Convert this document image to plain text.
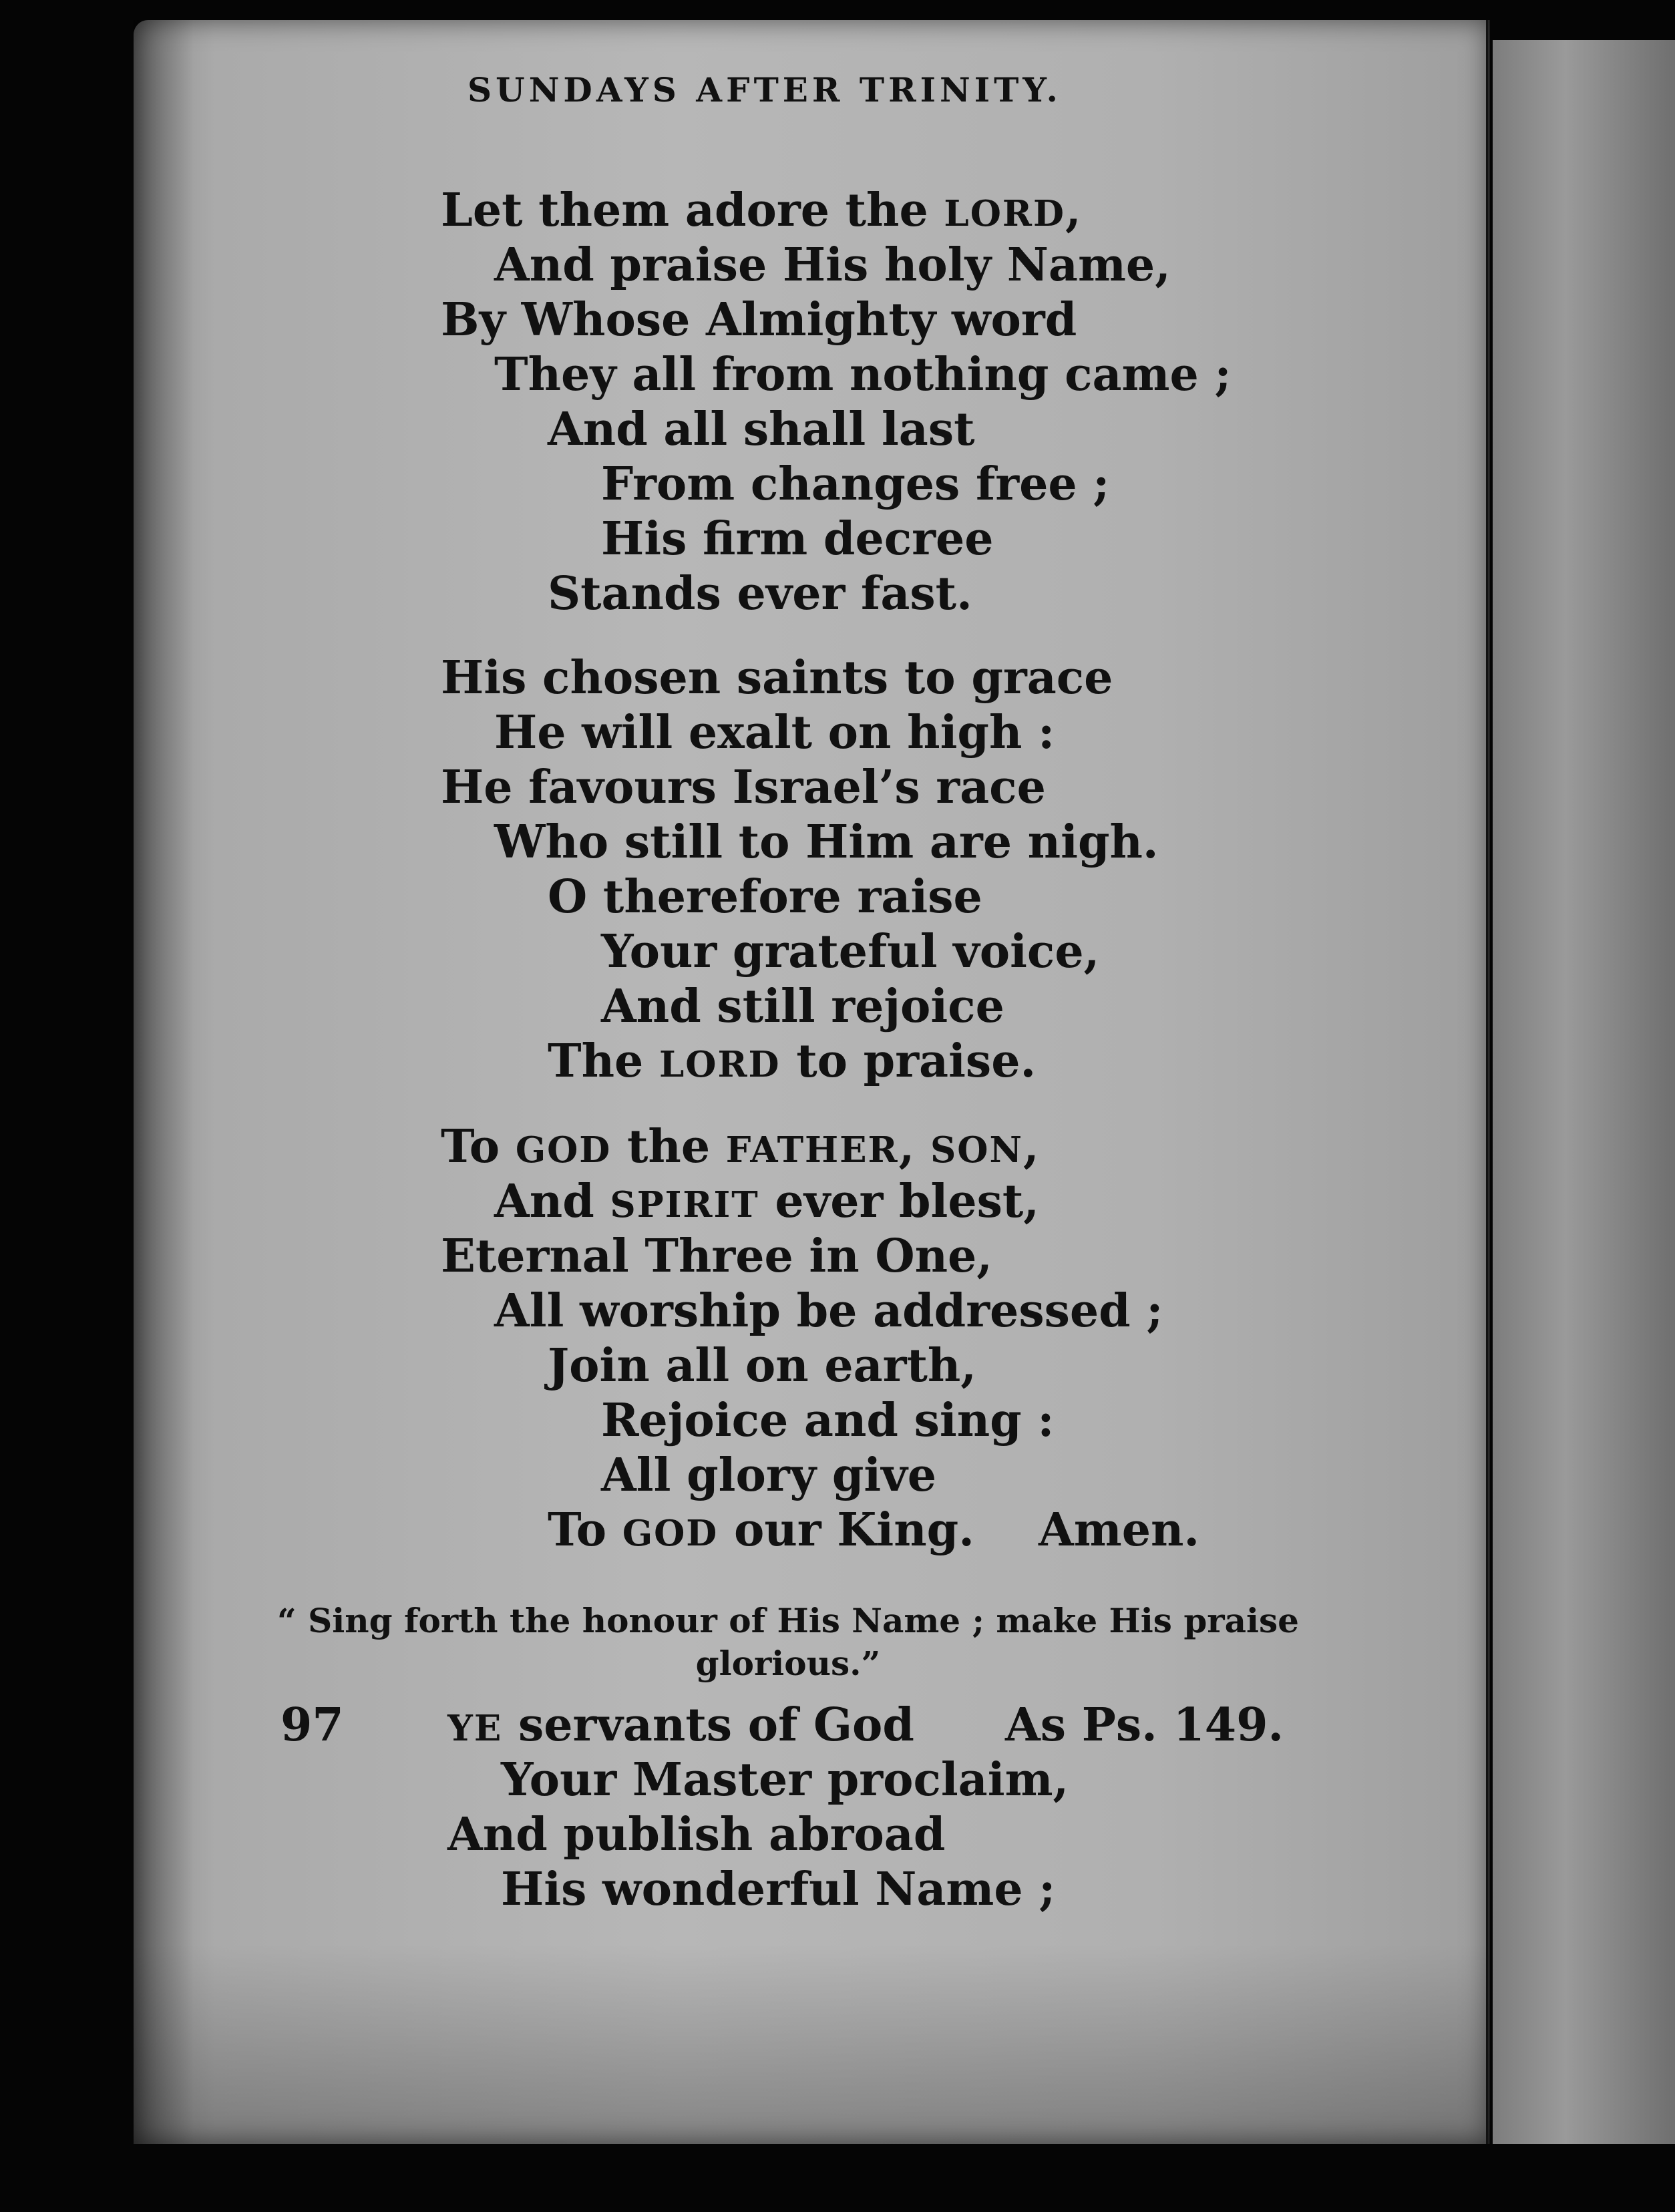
SUNDAYS AFTER TRINITY.
Let them adore the LORD,
And praise His holy Name,
By Whose Almighty word
They all from nothing came ;
And all shall last
From changes free ;
His firm decree
Stands ever fast.
His chosen saints to grace
He will exalt on high :
He favours Israel’s race
Who still to Him are nigh.
O therefore raise
Your grateful voice,
And still rejoice
The LORD to praise.
To GOD the FATHER, SON,
And SPIRIT ever blest,
Eternal Three in One,
All worship be addressed ;
Join all on earth,
Rejoice and sing :
All glory give
To GOD our King. Amen.
“ Sing forth the honour of His Name ; make His praise glorious.”
97	YE servants of God As Ps. 149.
Your Master proclaim,
And publish abroad
His wonderful Name ;
